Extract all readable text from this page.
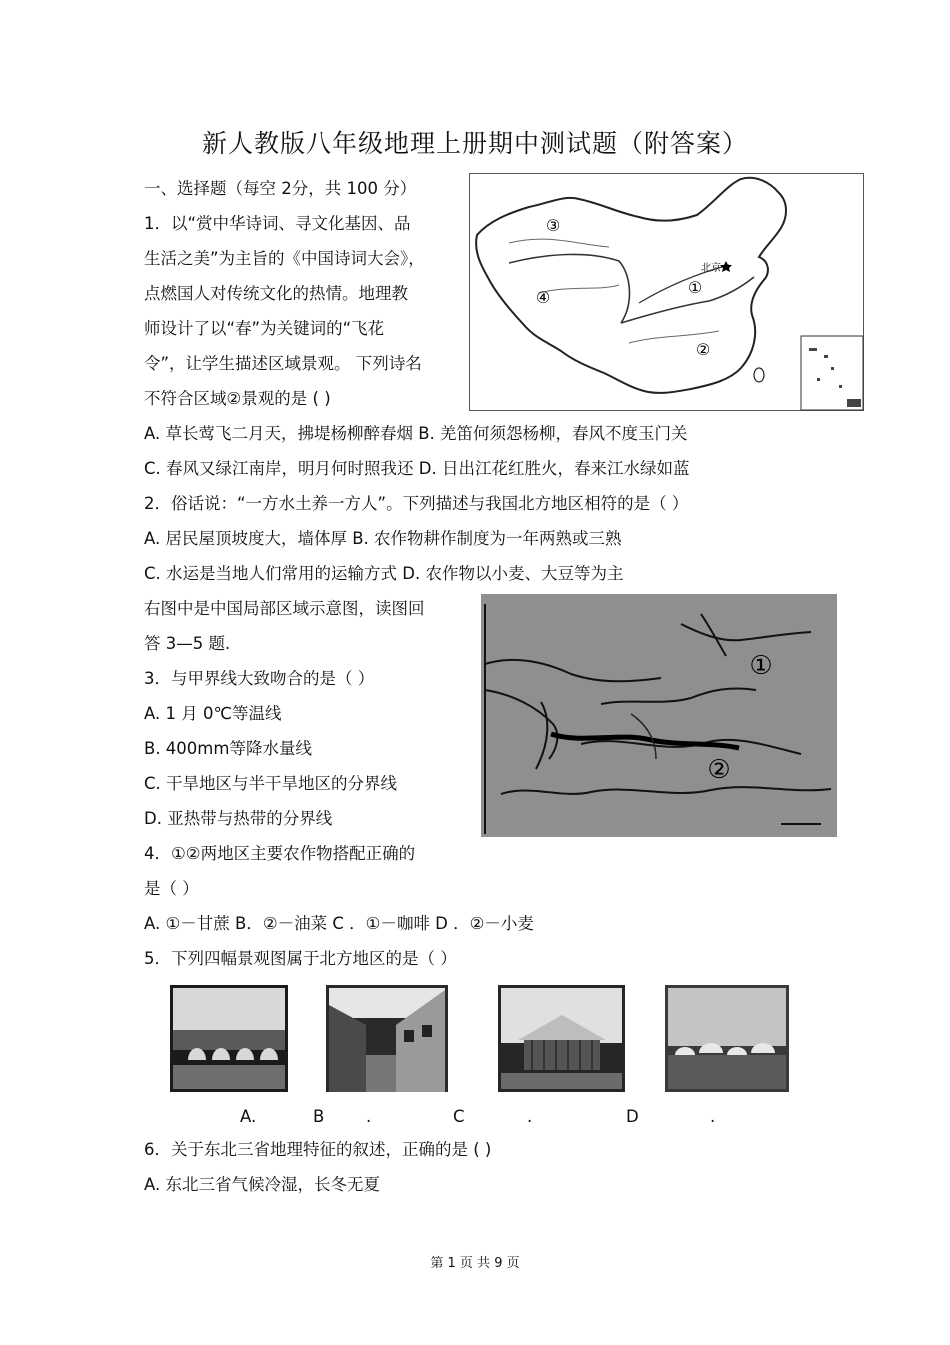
新人教版八年级地理上册期中测试题（附答案）
一、选择题（每空 2分，共 100 分）
1．以“赏中华诗词、寻文化基因、品
生活之美”为主旨的《中国诗词大会》，
点燃国人对传统文化的热情。地理教
师设计了以“春”为关键词的“飞花
令”，让学生描述区域景观。 下列诗名
不符合区域②景观的是 ( )
A. 草长莺飞二月天，拂堤杨柳醉春烟 B. 羌笛何须怨杨柳，春风不度玉门关
C. 春风又绿江南岸，明月何时照我还 D. 日出江花红胜火，春来江水绿如蓝
2．俗话说：“一方水土养一方人”。下列描述与我国北方地区相符的是（ ）
A. 居民屋顶坡度大，墙体厚 B. 农作物耕作制度为一年两熟或三熟
C. 水运是当地人们常用的运输方式 D. 农作物以小麦、大豆等为主
右图中是中国局部区域示意图，读图回
答 3—5 题.
3．与甲界线大致吻合的是（ ）
A. 1 月 0℃等温线
B. 400mm等降水量线
C. 干旱地区与半干旱地区的分界线
D. 亚热带与热带的分界线
4．①②两地区主要农作物搭配正确的
是（ ）
A. ①－甘蔗 B．②－油菜 C ．①－咖啡 D ．②－小麦
5．下列四幅景观图属于北方地区的是（ ）
6．关于东北三省地理特征的叙述，正确的是 ( )
A. 东北三省气候冷湿，长冬无夏
③
④
①
②
北京
①
②
A.	B	.	C	.	D	.
第 1 页 共 9 页
